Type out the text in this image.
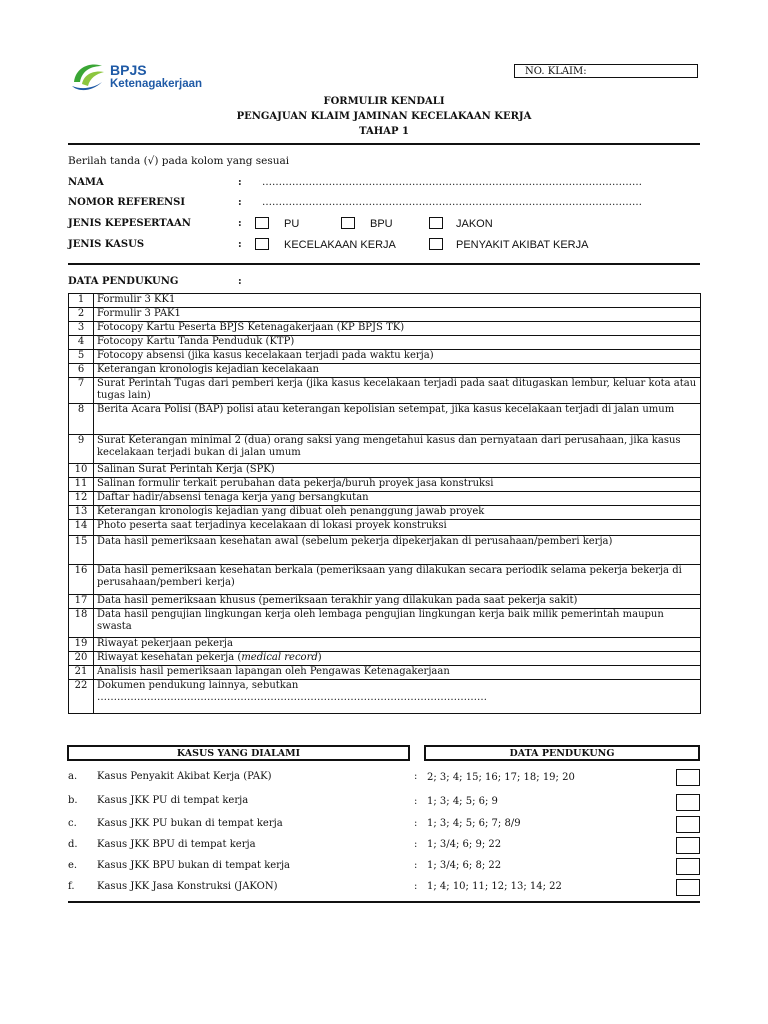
BPJS
Ketenagakerjaan
NO. KLAIM:
FORMULIR KENDALI
PENGAJUAN KLAIM JAMINAN KECELAKAAN KERJA
TAHAP 1
Berilah tanda (√) pada kolom yang sesuai
NAMA	: ……………………………………………………………………………………………………
NOMOR REFERENSI	: ……………………………………………………………………………………………………
JENIS KEPESERTAAN	:	PU	BPU	JAKON
JENIS KASUS	:	KECELAKAAN KERJA	PENYAKIT AKIBAT KERJA
DATA PENDUKUNG	:
1	Formulir 3 KK1
2	Formulir 3 PAK1
3	Fotocopy Kartu Peserta BPJS Ketenagakerjaan (KP BPJS TK)
4	Fotocopy Kartu Tanda Penduduk (KTP)
5	Fotocopy absensi (jika kasus kecelakaan terjadi pada waktu kerja)
6	Keterangan kronologis kejadian kecelakaan
7	Surat Perintah Tugas dari pemberi kerja (jika kasus kecelakaan terjadi pada saat ditugaskan lembur, keluar kota atau tugas lain)
8	Berita Acara Polisi (BAP) polisi atau keterangan kepolisian setempat, jika kasus kecelakaan terjadi di jalan umum
9	Surat Keterangan minimal 2 (dua) orang saksi yang mengetahui kasus dan pernyataan dari perusahaan, jika kasus kecelakaan terjadi bukan di jalan umum
10	Salinan Surat Perintah Kerja (SPK)
11	Salinan formulir terkait perubahan data pekerja/buruh proyek jasa konstruksi
12	Daftar hadir/absensi tenaga kerja yang bersangkutan
13	Keterangan kronologis kejadian yang dibuat oleh penanggung jawab proyek
14	Photo peserta saat terjadinya kecelakaan di lokasi proyek konstruksi
15	Data hasil pemeriksaan kesehatan awal (sebelum pekerja dipekerjakan di perusahaan/pemberi kerja)
16	Data hasil pemeriksaan kesehatan berkala (pemeriksaan yang dilakukan secara periodik selama pekerja bekerja di perusahaan/pemberi kerja)
17	Data hasil pemeriksaan khusus (pemeriksaan terakhir yang dilakukan pada saat pekerja sakit)
18	Data hasil pengujian lingkungan kerja oleh lembaga pengujian lingkungan kerja baik milik pemerintah maupun swasta
19	Riwayat pekerjaan pekerja
20	Riwayat kesehatan pekerja (medical record)
21	Analisis hasil pemeriksaan lapangan oleh Pengawas Ketenagakerjaan
22	Dokumen pendukung lainnya, sebutkan
………………………………………………………………………………………………………
KASUS YANG DIALAMI	DATA PENDUKUNG
a. Kasus Penyakit Akibat Kerja (PAK)	: 2; 3; 4; 15; 16; 17; 18; 19; 20
b. Kasus JKK PU di tempat kerja	: 1; 3; 4; 5; 6; 9
c. Kasus JKK PU bukan di tempat kerja	: 1; 3; 4; 5; 6; 7; 8/9
d. Kasus JKK BPU di tempat kerja	: 1; 3/4; 6; 9; 22
e. Kasus JKK BPU bukan di tempat kerja	: 1; 3/4; 6; 8; 22
f. Kasus JKK Jasa Konstruksi (JAKON)	: 1; 4; 10; 11; 12; 13; 14; 22
